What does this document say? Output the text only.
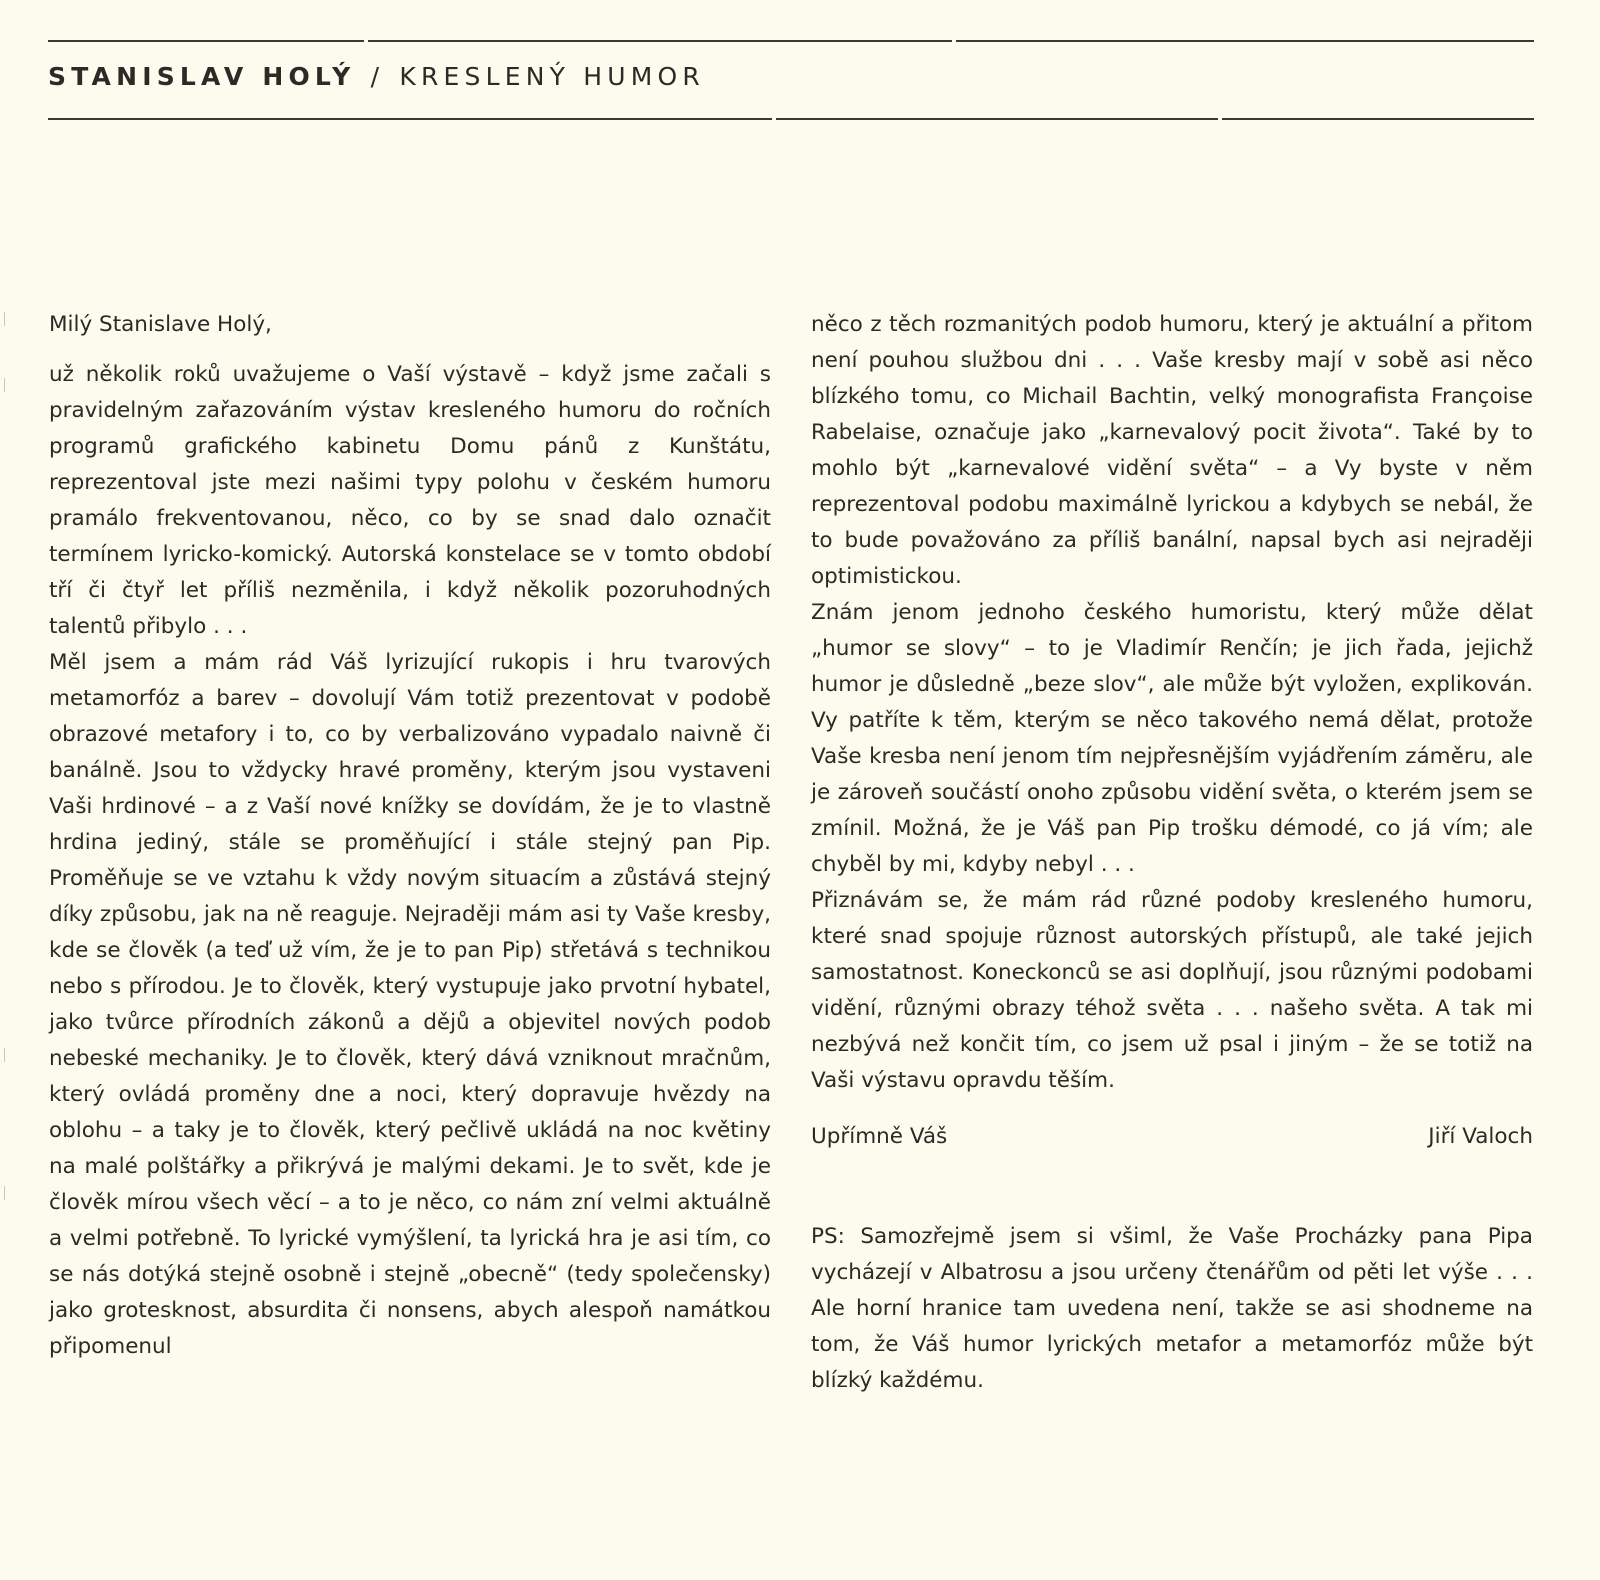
STANISLAV HOLÝ / KRESLENÝ HUMOR

Milý Stanislave Holý,

už několik roků uvažujeme o Vaší výstavě – když jsme začali s pravidelným zařazováním výstav kresleného humoru do ročních programů grafického kabinetu Domu pánů z Kunštátu, reprezentoval jste mezi našimi typy polohu v českém humoru pramálo frekventovanou, něco, co by se snad dalo označit termínem lyricko-komický. Autorská konstelace se v tomto období tří či čtyř let příliš nezměnila, i když několik pozoruhodných talentů přibylo . . .

Měl jsem a mám rád Váš lyrizující rukopis i hru tvarových metamorfóz a barev – dovolují Vám totiž prezentovat v podobě obrazové metafory i to, co by verbalizováno vypadalo naivně či banálně. Jsou to vždycky hravé proměny, kterým jsou vystaveni Vaši hrdinové – a z Vaší nové knížky se dovídám, že je to vlastně hrdina jediný, stále se proměňující i stále stejný pan Pip. Proměňuje se ve vztahu k vždy novým situacím a zůstává stejný díky způsobu, jak na ně reaguje. Nejraději mám asi ty Vaše kresby, kde se člověk (a teď už vím, že je to pan Pip) střetává s technikou nebo s přírodou. Je to člověk, který vystupuje jako prvotní hybatel, jako tvůrce přírodních zákonů a dějů a objevitel nových podob nebeské mechaniky. Je to člověk, který dává vzniknout mračnům, který ovládá proměny dne a noci, který dopravuje hvězdy na oblohu – a taky je to člověk, který pečlivě ukládá na noc květiny na malé polštářky a přikrývá je malými dekami. Je to svět, kde je člověk mírou všech věcí – a to je něco, co nám zní velmi aktuálně a velmi potřebně. To lyrické vymýšlení, ta lyrická hra je asi tím, co se nás dotýká stejně osobně i stejně „obecně“ (tedy společensky) jako grotesknost, absurdita či nonsens, abych alespoň namátkou připomenul

něco z těch rozmanitých podob humoru, který je aktuální a přitom není pouhou službou dni . . . Vaše kresby mají v sobě asi něco blízkého tomu, co Michail Bachtin, velký monografista Françoise Rabelaise, označuje jako „karnevalový pocit života“. Také by to mohlo být „karnevalové vidění světa“ – a Vy byste v něm reprezentoval podobu maximálně lyrickou a kdybych se nebál, že to bude považováno za příliš banální, napsal bych asi nejraději optimistickou.

Znám jenom jednoho českého humoristu, který může dělat „humor se slovy“ – to je Vladimír Renčín; je jich řada, jejichž humor je důsledně „beze slov“, ale může být vyložen, explikován. Vy patříte k těm, kterým se něco takového nemá dělat, protože Vaše kresba není jenom tím nejpřesnějším vyjádřením záměru, ale je zároveň součástí onoho způsobu vidění světa, o kterém jsem se zmínil. Možná, že je Váš pan Pip trošku démodé, co já vím; ale chyběl by mi, kdyby nebyl . . .

Přiznávám se, že mám rád různé podoby kresleného humoru, které snad spojuje různost autorských přístupů, ale také jejich samostatnost. Koneckonců se asi doplňují, jsou různými podobami vidění, různými obrazy téhož světa . . . našeho světa. A tak mi nezbývá než končit tím, co jsem už psal i jiným – že se totiž na Vaši výstavu opravdu těším.

Upřímně Váš	Jiří Valoch

PS: Samozřejmě jsem si všiml, že Vaše Procházky pana Pipa vycházejí v Albatrosu a jsou určeny čtenářům od pěti let výše . . . Ale horní hranice tam uvedena není, takže se asi shodneme na tom, že Váš humor lyrických metafor a metamorfóz může být blízký každému.
